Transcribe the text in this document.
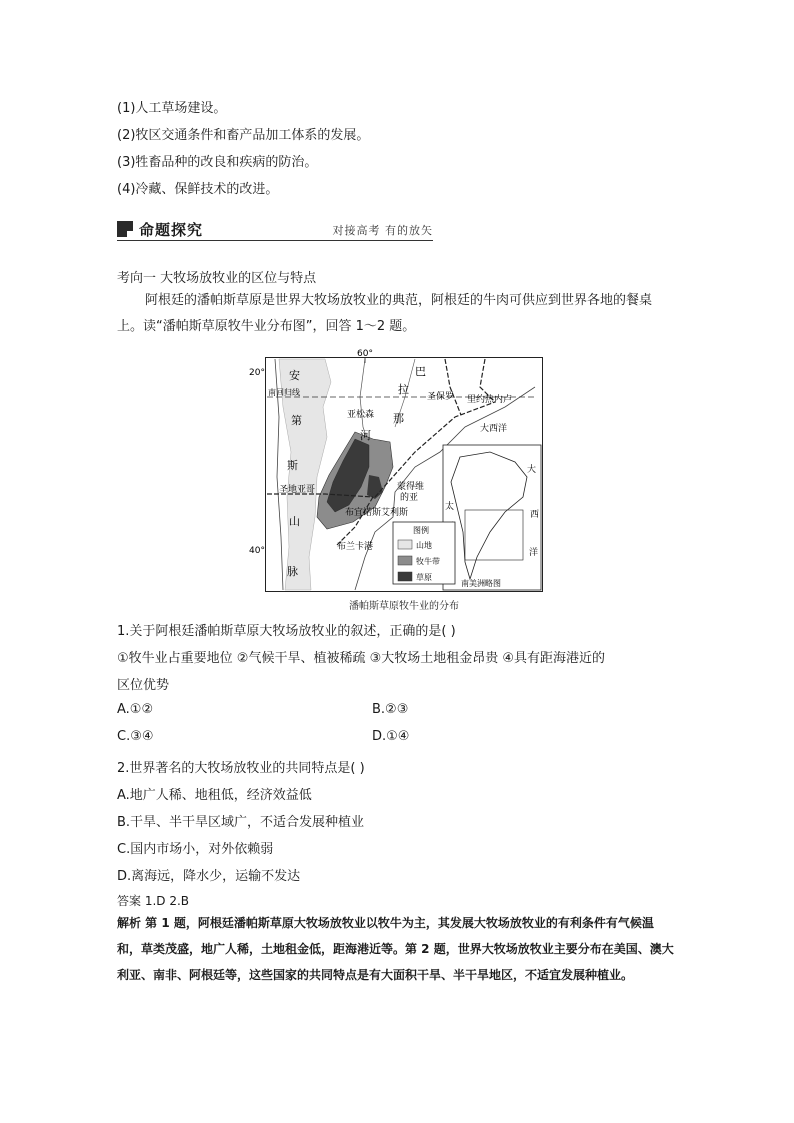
(1)人工草场建设。
(2)牧区交通条件和畜产品加工体系的发展。
(3)牲畜品种的改良和疾病的防治。
(4)冷藏、保鲜技术的改进。
命题探究	对接高考 有的放矢
考向一 大牧场放牧业的区位与特点
阿根廷的潘帕斯草原是世界大牧场放牧业的典范，阿根廷的牛肉可供应到世界各地的餐桌上。读“潘帕斯草原牧牛业分布图”，回答 1～2 题。
60°
20°
40°
南回归线
安
第
斯
山
脉
巴
拉
亚松森 那
河
圣保罗 里约热内卢
大西洋
圣地亚哥	蒙得维
的亚
布宜诺斯艾利斯
布兰卡港
大
西
洋
太
南美洲略图
图例
山地
牧牛带
草原
潘帕斯草原牧牛业的分布
1.关于阿根廷潘帕斯草原大牧场放牧业的叙述，正确的是( )
①牧牛业占重要地位 ②气候干旱、植被稀疏 ③大牧场土地租金昂贵 ④具有距海港近的
区位优势
A.①②	B.②③
C.③④	D.①④
2.世界著名的大牧场放牧业的共同特点是( )
A.地广人稀、地租低，经济效益低
B.干旱、半干旱区域广，不适合发展种植业
C.国内市场小，对外依赖弱
D.离海远，降水少，运输不发达
答案 1.D 2.B
解析 第 1 题，阿根廷潘帕斯草原大牧场放牧业以牧牛为主，其发展大牧场放牧业的有利条件有气候温和，草类茂盛，地广人稀，土地租金低，距海港近等。第 2 题，世界大牧场放牧业主要分布在美国、澳大利亚、南非、阿根廷等，这些国家的共同特点是有大面积干旱、半干旱地区，不适宜发展种植业。
